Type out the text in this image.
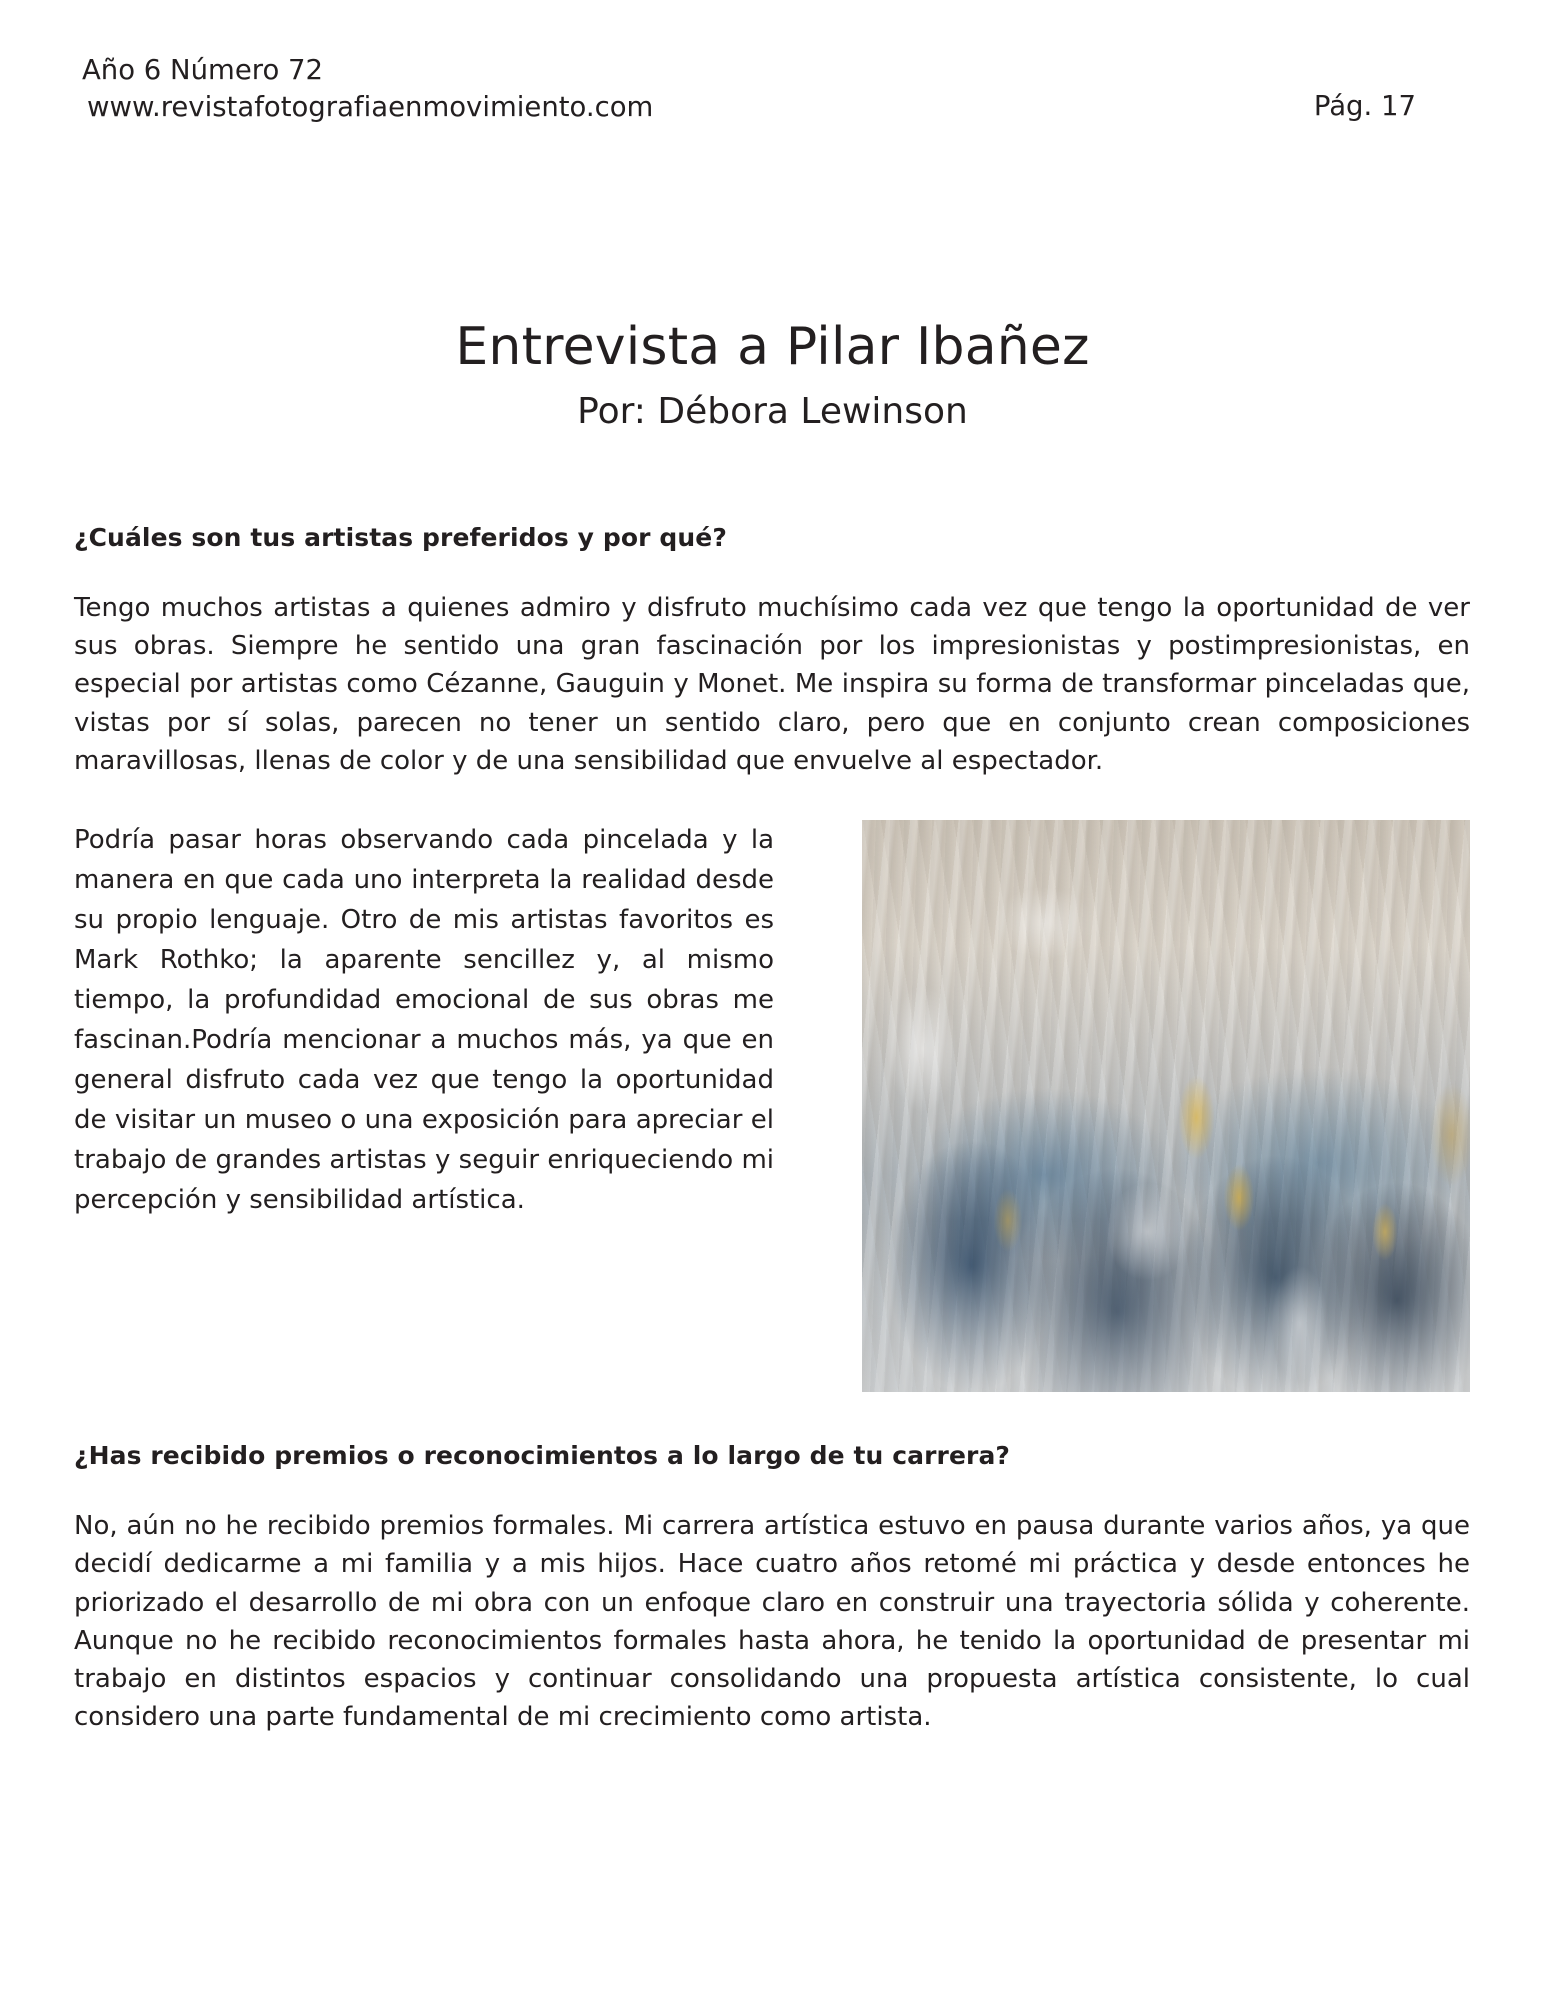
Año 6 Número 72
www.revistafotografiaenmovimiento.com	Pág. 17
Entrevista a Pilar Ibañez
Por: Débora Lewinson
¿Cuáles son tus artistas preferidos y por qué?

Tengo muchos artistas a quienes admiro y disfruto muchísimo cada vez que tengo la oportunidad de ver sus obras. Siempre he sentido una gran fascinación por los impresionistas y postimpresionistas, en especial por artistas como Cézanne, Gauguin y Monet. Me inspira su forma de transformar pinceladas que, vistas por sí solas, parecen no tener un sentido claro, pero que en conjunto crean composiciones maravillosas, llenas de color y de una sensibilidad que envuelve al espectador.

Podría pasar horas observando cada pincelada y la manera en que cada uno interpreta la realidad desde su propio lenguaje. Otro de mis artistas favoritos es Mark Rothko; la aparente sencillez y, al mismo tiempo, la profundidad emocional de sus obras me fascinan.Podría mencionar a muchos más, ya que en general disfruto cada vez que tengo la oportunidad de visitar un museo o una exposición para apreciar el trabajo de grandes artistas y seguir enriqueciendo mi percepción y sensibilidad artística.

¿Has recibido premios o reconocimientos a lo largo de tu carrera?

No, aún no he recibido premios formales. Mi carrera artística estuvo en pausa durante varios años, ya que decidí dedicarme a mi familia y a mis hijos. Hace cuatro años retomé mi práctica y desde entonces he priorizado el desarrollo de mi obra con un enfoque claro en construir una trayectoria sólida y coherente. Aunque no he recibido reconocimientos formales hasta ahora, he tenido la oportunidad de presentar mi trabajo en distintos espacios y continuar consolidando una propuesta artística consistente, lo cual considero una parte fundamental de mi crecimiento como artista.
